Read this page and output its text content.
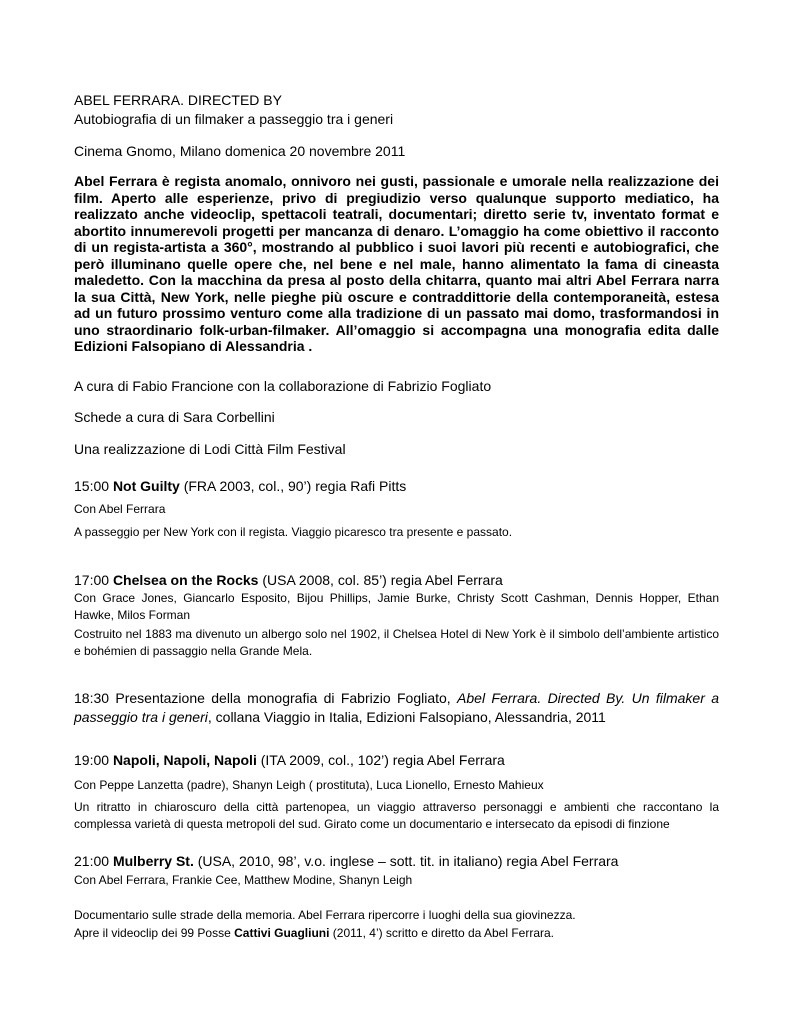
ABEL FERRARA. DIRECTED BY
Autobiografia di un filmaker a passeggio tra i generi
Cinema Gnomo, Milano domenica 20 novembre 2011
Abel Ferrara è regista anomalo, onnivoro nei gusti, passionale e umorale nella realizzazione dei film. Aperto alle esperienze, privo di pregiudizio verso qualunque supporto mediatico, ha realizzato anche videoclip, spettacoli teatrali, documentari; diretto serie tv, inventato format e abortito innumerevoli progetti per mancanza di denaro. L’omaggio ha come obiettivo il racconto di un regista-artista a 360°, mostrando al pubblico i suoi lavori più recenti e autobiografici, che però illuminano quelle opere che, nel bene e nel male, hanno alimentato la fama di cineasta maledetto. Con la macchina da presa al posto della chitarra, quanto mai altri Abel Ferrara narra la sua Città, New York, nelle pieghe più oscure e contraddittorie della contemporaneità, estesa ad un futuro prossimo venturo come alla tradizione di un passato mai domo, trasformandosi in uno straordinario folk-urban-filmaker. All’omaggio si accompagna una monografia edita dalle Edizioni Falsopiano di Alessandria .
A cura di Fabio Francione con la collaborazione di Fabrizio Fogliato
Schede a cura di Sara Corbellini
Una realizzazione di Lodi Città Film Festival
15:00 Not Guilty (FRA 2003, col., 90’) regia Rafi Pitts
Con Abel Ferrara
A passeggio per New York con il regista. Viaggio picaresco tra presente e passato.
17:00 Chelsea on the Rocks (USA 2008, col. 85’) regia Abel Ferrara
Con Grace Jones, Giancarlo Esposito, Bijou Phillips, Jamie Burke, Christy Scott Cashman, Dennis Hopper, Ethan Hawke, Milos Forman
Costruito nel 1883 ma divenuto un albergo solo nel 1902, il Chelsea Hotel di New York è il simbolo dell’ambiente artistico e bohémien di passaggio nella Grande Mela.
18:30 Presentazione della monografia di Fabrizio Fogliato, Abel Ferrara. Directed By. Un filmaker a passeggio tra i generi, collana Viaggio in Italia, Edizioni Falsopiano, Alessandria, 2011
19:00 Napoli, Napoli, Napoli (ITA 2009, col., 102’) regia Abel Ferrara
Con Peppe Lanzetta (padre), Shanyn Leigh ( prostituta), Luca Lionello, Ernesto Mahieux
Un ritratto in chiaroscuro della città partenopea, un viaggio attraverso personaggi e ambienti che raccontano la complessa varietà di questa metropoli del sud. Girato come un documentario e intersecato da episodi di finzione
21:00 Mulberry St. (USA, 2010, 98’, v.o. inglese – sott. tit. in italiano) regia Abel Ferrara
Con Abel Ferrara, Frankie Cee, Matthew Modine, Shanyn Leigh
Documentario sulle strade della memoria. Abel Ferrara ripercorre i luoghi della sua giovinezza.
Apre il videoclip dei 99 Posse Cattivi Guagliuni (2011, 4’) scritto e diretto da Abel Ferrara.
